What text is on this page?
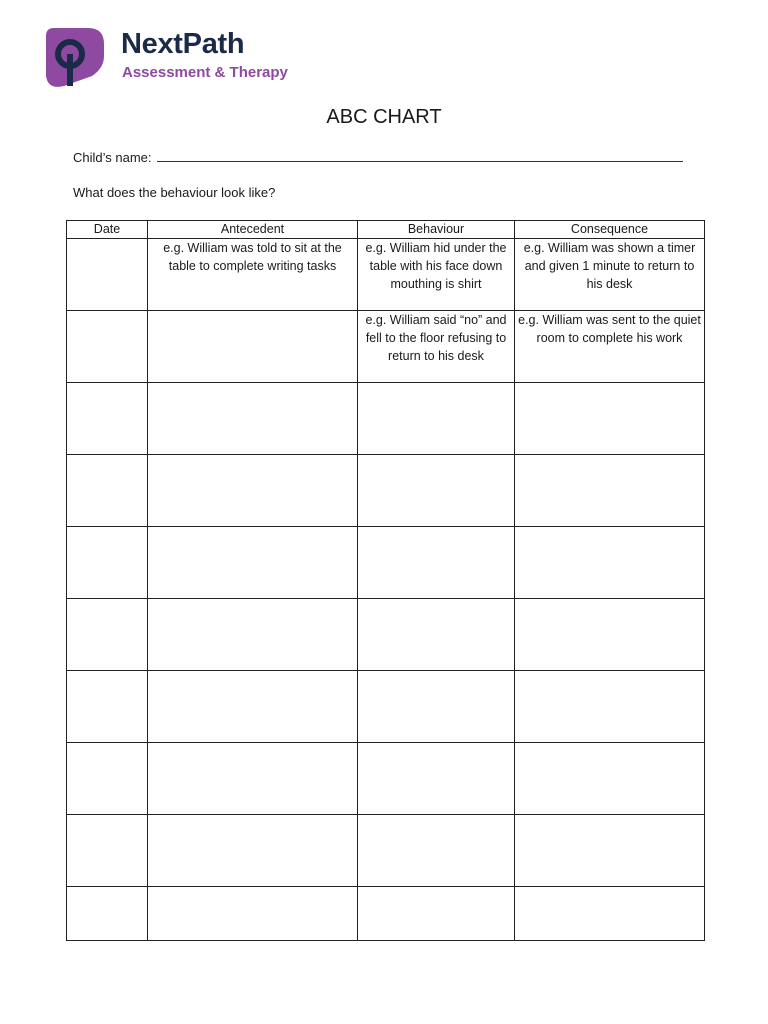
NextPath
Assessment & Therapy
ABC CHART
Child’s name:
What does the behaviour look like?
Date	Antecedent	Behaviour	Consequence
	e.g. William was told to sit at the table to complete writing tasks	e.g. William hid under the table with his face down mouthing is shirt	e.g. William was shown a timer and given 1 minute to return to his desk
		e.g. William said “no” and fell to the floor refusing to return to his desk	e.g. William was sent to the quiet room to complete his work
